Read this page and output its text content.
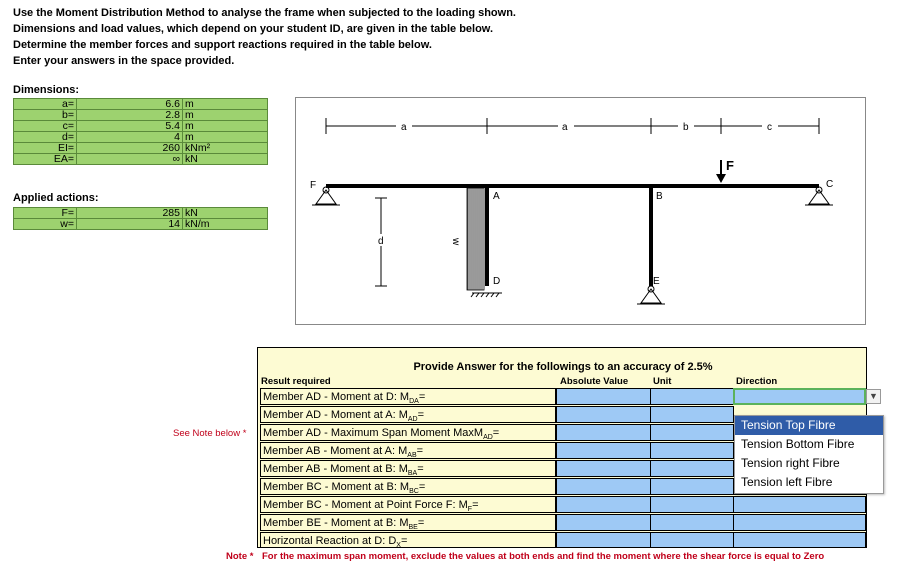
Use the Moment Distribution Method to analyse the frame when subjected to the loading shown.
Dimensions and load values, which depend on your student ID, are given in the table below.
Determine the member forces and support reactions required in the table below.
Enter your answers in the space provided.
Dimensions:
a=	6.6	m
b=	2.8	m
c=	5.4	m
d=	4	m
EI=	260	kNm²
EA=	∞	kN
Applied actions:
F=	285	kN
w=	14	kN/m
a	a	b	c
w
d
F
F	C
D	E
A	B
Provide Answer for the followings to an accuracy of 2.5%
Result required	Absolute Value	Unit	Direction
Member AD - Moment at D: $M_{DA}=$
Member AD - Moment at A: $M_{AD}=$
Member AD - Maximum Span Moment MaxM$_{AD}$=
Member AB - Moment at A: $M_{AB}=$
Member AB - Moment at B: $M_{BA}=$
Member BC - Moment at B: $M_{BC}=$
Member BC - Moment at Point Force F: $M_F=$
Member BE - Moment at B: $M_{BE}=$
Horizontal Reaction at D: $D_X=$
See Note below *
▼
Tension Top Fibre
Tension Bottom Fibre
Tension right Fibre
Tension left Fibre
Note * For the maximum span moment, exclude the values at both ends and find the moment where the shear force is equal to Zero
